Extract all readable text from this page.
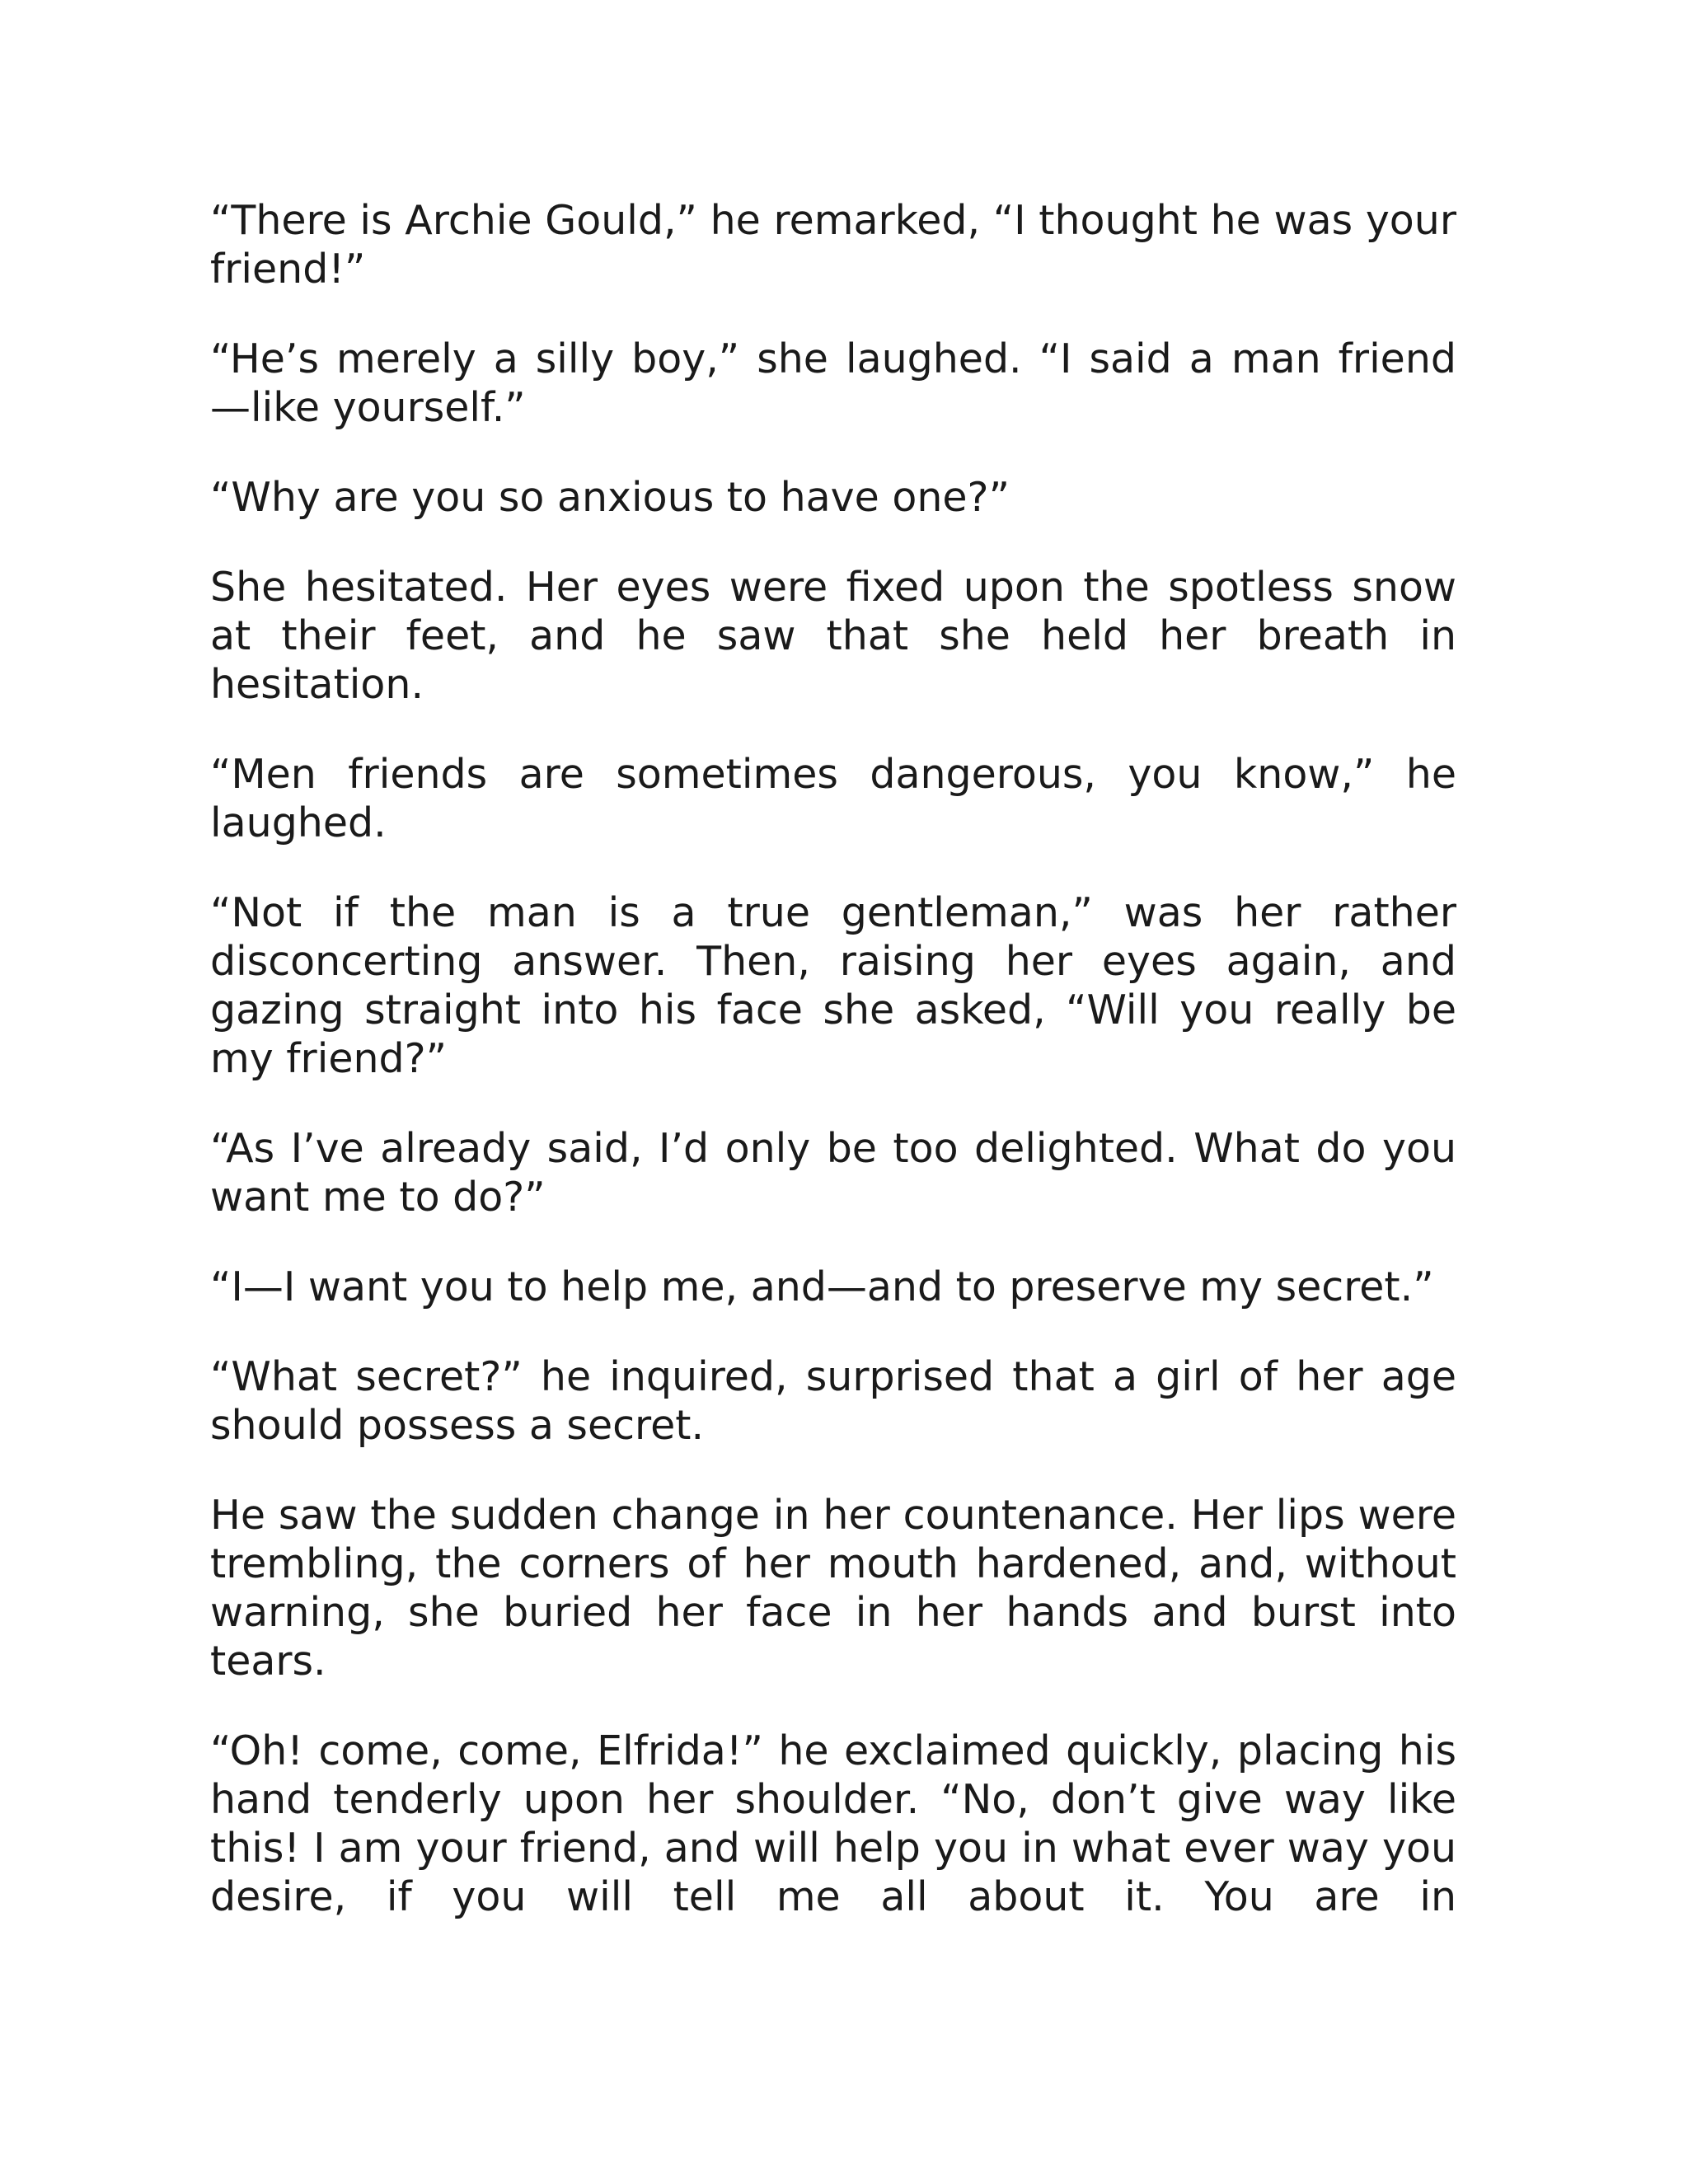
“There is Archie Gould,” he remarked, “I thought he was your friend!”

“He’s merely a silly boy,” she laughed. “I said a man friend —like yourself.”

“Why are you so anxious to have one?”

She hesitated. Her eyes were fixed upon the spotless snow at their feet, and he saw that she held her breath in hesitation.

“Men friends are sometimes dangerous, you know,” he laughed.

“Not if the man is a true gentleman,” was her rather disconcerting answer. Then, raising her eyes again, and gazing straight into his face she asked, “Will you really be my friend?”

“As I’ve already said, I’d only be too delighted. What do you want me to do?”

“I—I want you to help me, and—and to preserve my secret.”

“What secret?” he inquired, surprised that a girl of her age should possess a secret.

He saw the sudden change in her countenance. Her lips were trembling, the corners of her mouth hardened, and, without warning, she buried her face in her hands and burst into tears.

“Oh! come, come, Elfrida!” he exclaimed quickly, placing his hand tenderly upon her shoulder. “No, don’t give way like this! I am your friend, and will help you in what ever way you desire, if you will tell me all about it. You are in
